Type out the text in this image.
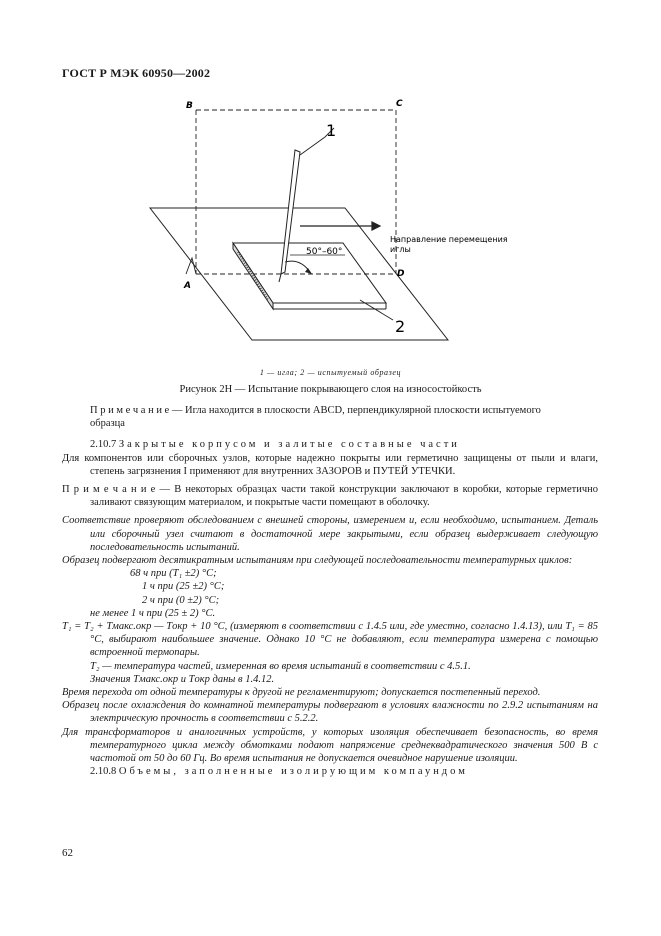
ГОСТ Р МЭК 60950—2002
1
2
A
B	C
D
50°–60°
Направление перемещения
иглы
1 — игла; 2 — испытуемый образец
Рисунок 2Н — Испытание покрывающего слоя на износостойкость

П р и м е ч а н и е — Игла находится в плоскости ABCD, перпендикулярной плоскости испытуемого

образца

2.10.7 Закрытые корпусом и залитые составные части

Для компонентов или сборочных узлов, которые надежно покрыты или герметично защищены от пыли и влаги, степень загрязнения I применяют для внутренних ЗАЗОРОВ и ПУТЕЙ УТЕЧКИ.

П р и м е ч а н и е — В некоторых образцах части такой конструкции заключают в коробки, которые герметично заливают связующим материалом, и покрытые части помещают в оболочку.

Соответствие проверяют обследованием с внешней стороны, измерением и, если необходимо, испытанием. Деталь или сборочный узел считают в достаточной мере закрытыми, если образец выдерживает следующую последовательность испытаний.

Образец подвергают десятикратным испытаниям при следующей последовательности температурных циклов:

68 ч при (T₁ ±2) °C;

1 ч при (25 ±2) °C;

2 ч при (0 ±2) °C;

не менее 1 ч при (25 ± 2) °C.

T₁ = T₂ + Tмакс.окр — Tокр + 10 °C, (измеряют в соответствии с 1.4.5 или, где уместно, согласно 1.4.13), или T₁ = 85 °C, выбирают наибольшее значение. Однако 10 °C не добавляют, если температура измерена с помощью встроенной термопары.

T₂ — температура частей, измеренная во время испытаний в соответствии с 4.5.1.

Значения Tмакс.окр и Tокр даны в 1.4.12.

Время перехода от одной температуры к другой не регламентируют; допускается постепенный переход.

Образец после охлаждения до комнатной температуры подвергают в условиях влажности по 2.9.2 испытаниям на электрическую прочность в соответствии с 5.2.2.

Для трансформаторов и аналогичных устройств, у которых изоляция обеспечивает безопасность, во время температурного цикла между обмотками подают напряжение среднеквадратического значения 500 В с частотой от 50 до 60 Гц. Во время испытания не допускается очевидное нарушение изоляции.

2.10.8 Объемы, заполненные изолирующим компаундом

62
